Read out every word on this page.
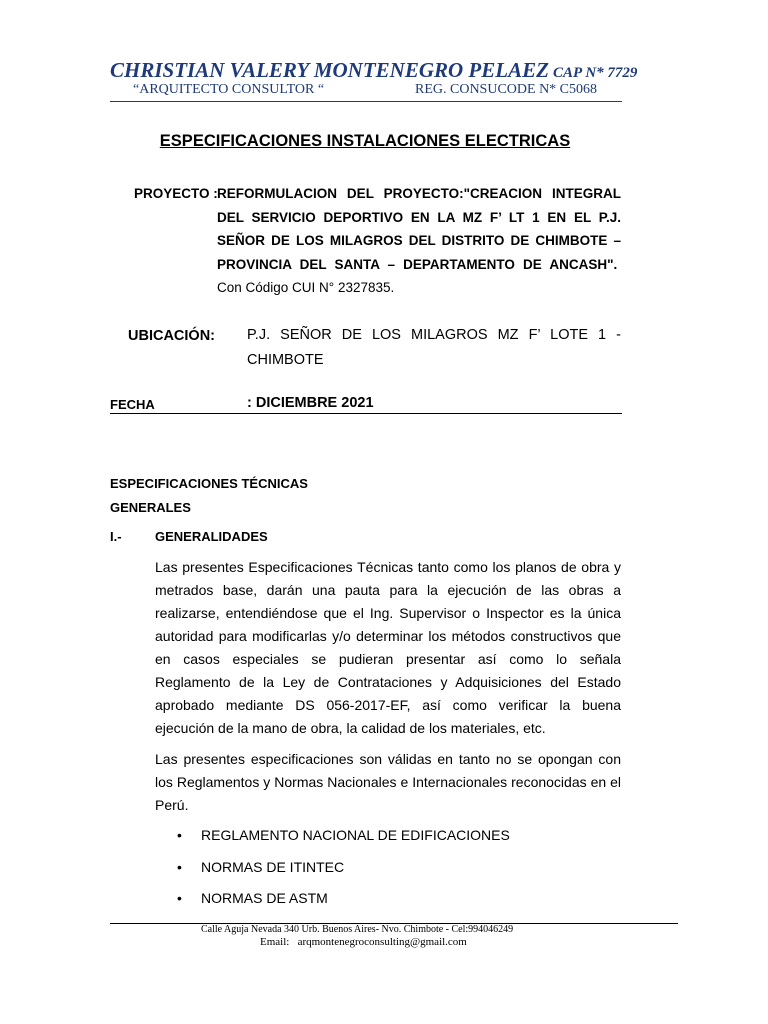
CHRISTIAN VALERY MONTENEGRO PELAEZ CAP N* 7729
“ARQUITECTO CONSULTOR “	REG. CONSUCODE N* C5068
ESPECIFICACIONES INSTALACIONES ELECTRICAS
PROYECTO : REFORMULACION DEL PROYECTO:"CREACION INTEGRAL DEL SERVICIO DEPORTIVO EN LA MZ F’ LT 1 EN EL P.J. SEÑOR DE LOS MILAGROS DEL DISTRITO DE CHIMBOTE – PROVINCIA DEL SANTA – DEPARTAMENTO DE ANCASH".  Con Código CUI N° 2327835.
UBICACIÓN: P.J. SEÑOR DE LOS MILAGROS MZ F’ LOTE 1 - CHIMBOTE
FECHA	: DICIEMBRE 2021
ESPECIFICACIONES TÉCNICAS
GENERALES
I.-	GENERALIDADES
Las presentes Especificaciones Técnicas tanto como los planos de obra y metrados base, darán una pauta para la ejecución de las obras a realizarse, entendiéndose que el Ing. Supervisor o Inspector es la única autoridad para modificarlas y/o determinar los métodos constructivos que en casos especiales se pudieran presentar así como lo señala Reglamento de la Ley de Contrataciones y Adquisiciones del Estado aprobado mediante DS 056-2017-EF, así como verificar la buena ejecución de la mano de obra, la calidad de los materiales, etc.
Las presentes especificaciones son válidas en tanto no se opongan con los Reglamentos y Normas Nacionales e Internacionales reconocidas en el Perú.
• REGLAMENTO NACIONAL DE EDIFICACIONES
• NORMAS DE ITINTEC
• NORMAS DE ASTM
Calle Aguja Nevada 340 Urb. Buenos Aires- Nvo. Chimbote - Cel:994046249
Email: arqmontenegroconsulting@gmail.com
